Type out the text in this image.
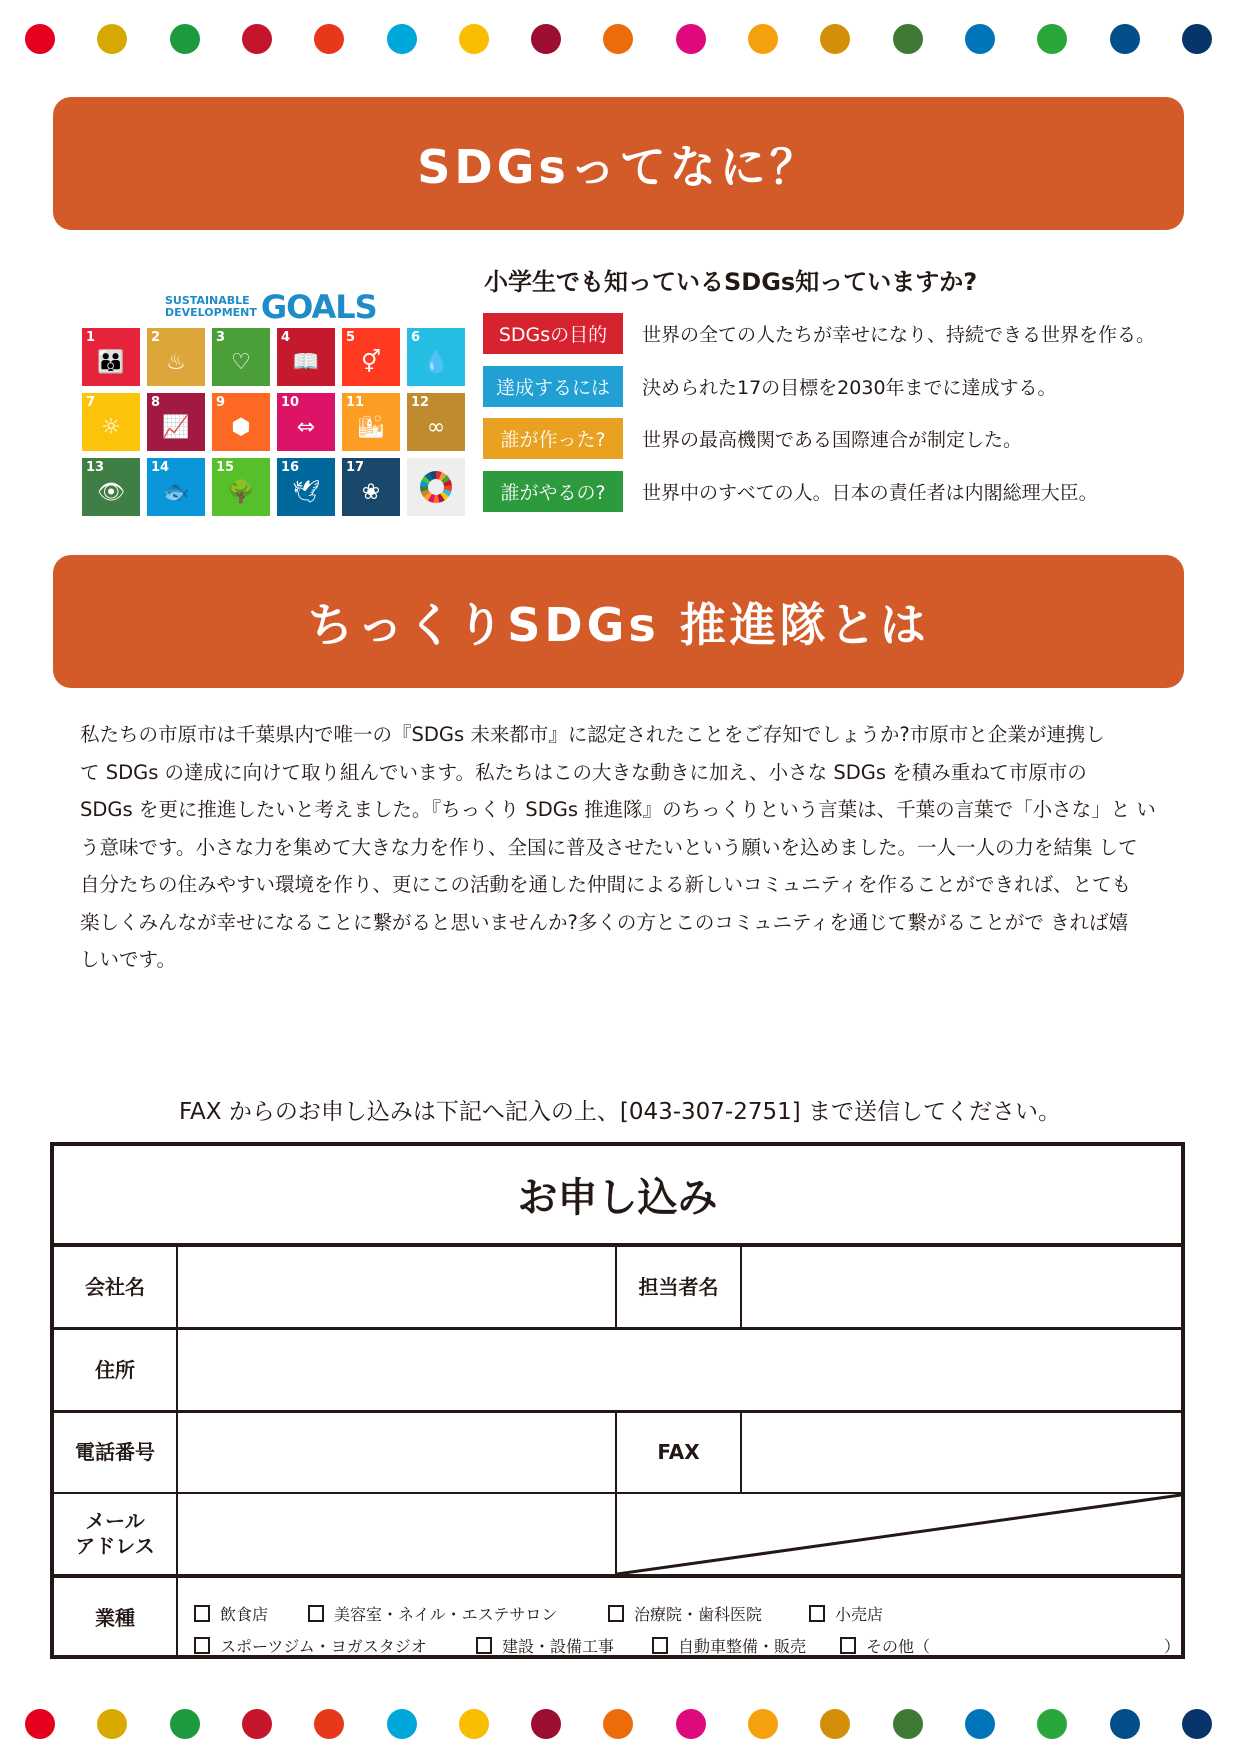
SDGsってなに？
SUSTAINABLE
DEVELOPMENT GOALS
1
👪
2
♨
3
♡
4
📖
5
⚥
6
💧
7
☼
8
📈
9
⬢
10
⇔
11
🏙
12
∞
13
👁
14
🐟
15
🌳
16
🕊
17
❀
小学生でも知っているSDGs知っていますか?
SDGsの目的	世界の全ての人たちが幸せになり、持続できる世界を作る。
達成するには	決められた17の目標を2030年までに達成する。
誰が作った?	世界の最高機関である国際連合が制定した。
誰がやるの?	世界中のすべての人。日本の責任者は内閣総理大臣。
ちっくりSDGs 推進隊とは
私たちの市原市は千葉県内で唯一の『SDGs 未来都市』に認定されたことをご存知でしょうか?市原市と企業が連携し
て SDGs の達成に向けて取り組んでいます。私たちはこの大きな動きに加え、小さな SDGs を積み重ねて市原市の
SDGs を更に推進したいと考えました。『ちっくり SDGs 推進隊』のちっくりという言葉は、千葉の言葉で「小さな」と い
う意味です。小さな力を集めて大きな力を作り、全国に普及させたいという願いを込めました。一人一人の力を結集 して
自分たちの住みやすい環境を作り、更にこの活動を通した仲間による新しいコミュニティを作ることができれば、とても
楽しくみんなが幸せになることに繋がると思いませんか?多くの方とこのコミュニティを通じて繋がることがで きれば嬉
しいです。
FAX からのお申し込みは下記へ記入の上、[043-307-2751] まで送信してください。
お申し込み
会社名	担当者名
住所
電話番号	FAX
メール
アドレス
業種	飲食店	美容室・ネイル・エステサロン	治療院・歯科医院	小売店
スポーツジム・ヨガスタジオ	建設・設備工事	自動車整備・販売	その他（	）
